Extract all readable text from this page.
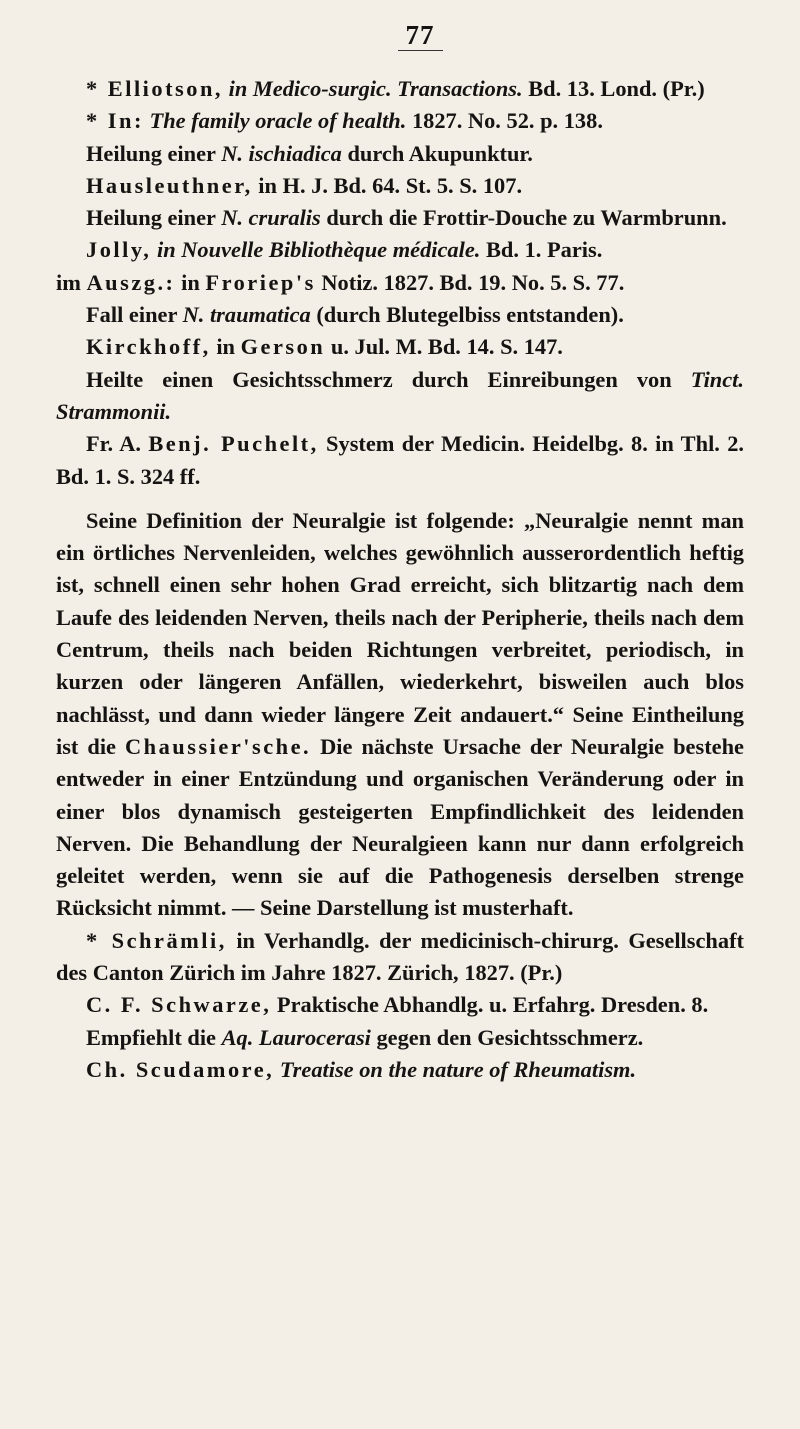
77

* Elliotson, in Medico-surgic. Transactions. Bd. 13. Lond. (Pr.)

* In: The family oracle of health. 1827. No. 52. p. 138.

Heilung einer N. ischiadica durch Akupunktur.

Hausleuthner, in H. J. Bd. 64. St. 5. S. 107.

Heilung einer N. cruralis durch die Frottir-Douche zu Warmbrunn.

Jolly, in Nouvelle Bibliothèque médicale. Bd. 1. Paris.

im Auszg.: in Froriep's Notiz. 1827. Bd. 19. No. 5. S. 77.

Fall einer N. traumatica (durch Blutegelbiss entstanden).

Kirckhoff, in Gerson u. Jul. M. Bd. 14. S. 147.

Heilte einen Gesichtsschmerz durch Einreibungen von Tinct. Strammonii.

Fr. A. Benj. Puchelt, System der Medicin. Heidelbg. 8. in Thl. 2. Bd. 1. S. 324 ff.

Seine Definition der Neuralgie ist folgende: „Neuralgie nennt man ein örtliches Nervenleiden, welches gewöhnlich ausserordentlich heftig ist, schnell einen sehr hohen Grad erreicht, sich blitzartig nach dem Laufe des leidenden Nerven, theils nach der Peripherie, theils nach dem Centrum, theils nach beiden Richtungen verbreitet, periodisch, in kurzen oder längeren Anfällen, wiederkehrt, bisweilen auch blos nachlässt, und dann wieder längere Zeit andauert.“ Seine Eintheilung ist die Chaussier'sche. Die nächste Ursache der Neuralgie bestehe entweder in einer Entzündung und organischen Veränderung oder in einer blos dynamisch gesteigerten Empfindlichkeit des leidenden Nerven. Die Behandlung der Neuralgieen kann nur dann erfolgreich geleitet werden, wenn sie auf die Pathogenesis derselben strenge Rücksicht nimmt. — Seine Darstellung ist musterhaft.

* Schrämli, in Verhandlg. der medicinisch-chirurg. Gesellschaft des Canton Zürich im Jahre 1827. Zürich, 1827. (Pr.)

C. F. Schwarze, Praktische Abhandlg. u. Erfahrg. Dresden. 8.

Empfiehlt die Aq. Laurocerasi gegen den Gesichtsschmerz.

Ch. Scudamore, Treatise on the nature of Rheumatism.
